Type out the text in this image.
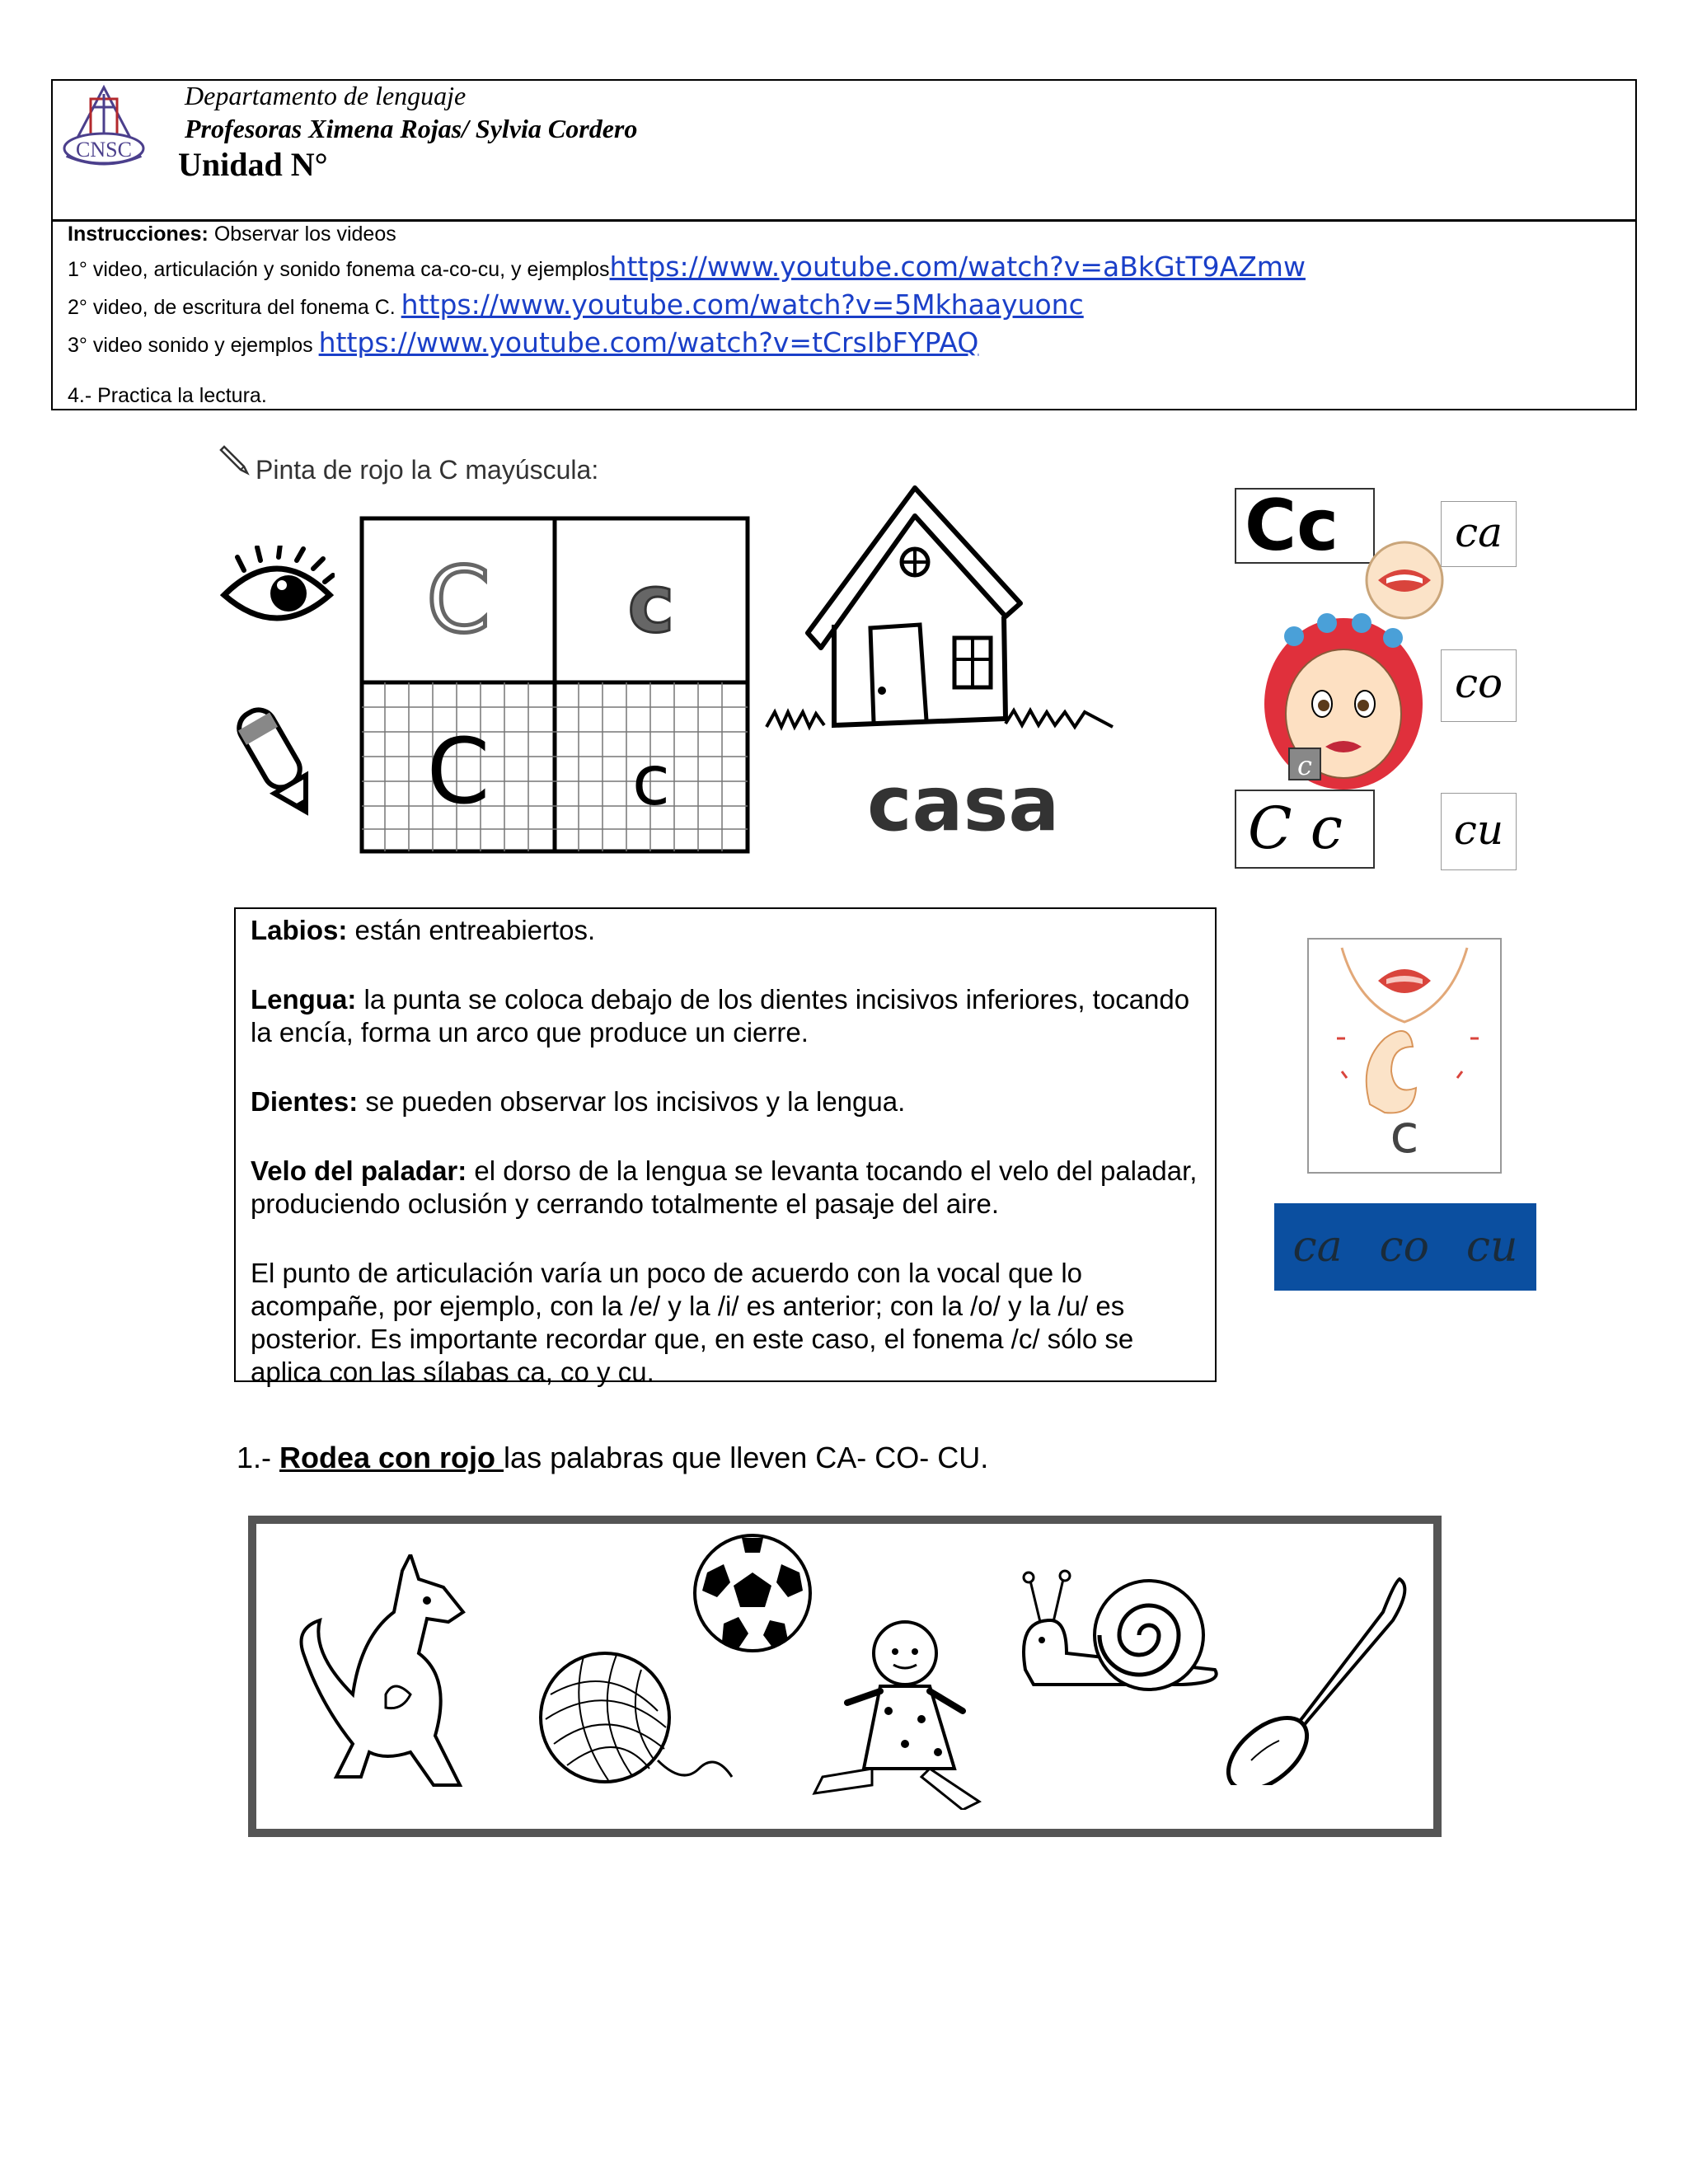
CNSC
Departamento de lenguaje
Profesoras Ximena Rojas/ Sylvia Cordero
Unidad N°
Instrucciones: Observar los videos
1° video, articulación y sonido fonema ca-co-cu, y ejemploshttps://www.youtube.com/watch?v=aBkGtT9AZmw
2° video, de escritura del fonema C. https://www.youtube.com/watch?v=5Mkhaayuonc
3° video sonido y ejemplos https://www.youtube.com/watch?v=tCrsIbFYPAQ
4.- Practica la lectura.
Pinta de rojo la C mayúscula:
C c
C c	casa
Cc
C c
ca
co
cu
c

Labios: están entreabiertos.

Lengua: la punta se coloca debajo de los dientes incisivos inferiores, tocando la encía, forma un arco que produce un cierre.

Dientes: se pueden observar los incisivos y la lengua.

Velo del paladar: el dorso de la lengua se levanta tocando el velo del paladar, produciendo oclusión y cerrando totalmente el pasaje del aire.

El punto de articulación varía un poco de acuerdo con la vocal que lo acompañe, por ejemplo, con la /e/ y la /i/ es anterior; con la /o/ y la /u/ es posterior. Es importante recordar que, en este caso, el fonema /c/ sólo se aplica con las sílabas ca, co y cu.

c
ca co cu
1.- Rodea con rojo las palabras que lleven CA- CO- CU.
